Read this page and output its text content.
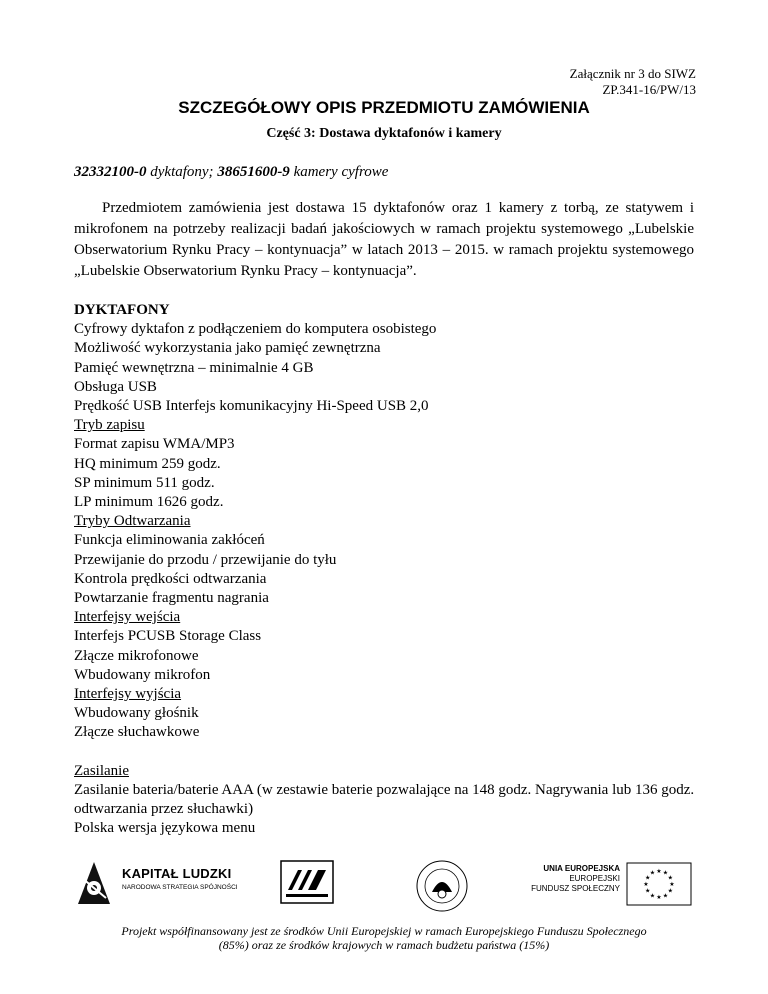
Załącznik nr 3 do SIWZ
ZP.341-16/PW/13
SZCZEGÓŁOWY OPIS PRZEDMIOTU ZAMÓWIENIA
Część 3: Dostawa dyktafonów i kamery
32332100-0 dyktafony; 38651600-9 kamery cyfrowe

Przedmiotem zamówienia jest dostawa 15 dyktafonów oraz 1 kamery z torbą, ze statywem i mikrofonem na potrzeby realizacji badań jakościowych w ramach projektu systemowego „Lubelskie Obserwatorium Rynku Pracy – kontynuacja” w latach 2013 – 2015. w ramach projektu systemowego „Lubelskie Obserwatorium Rynku Pracy – kontynuacja”.

DYKTAFONY
Cyfrowy dyktafon z podłączeniem do komputera osobistego
Możliwość wykorzystania jako pamięć zewnętrzna
Pamięć wewnętrzna – minimalnie 4 GB
Obsługa USB
Prędkość USB Interfejs komunikacyjny Hi-Speed USB 2,0
Tryb zapisu
Format zapisu WMA/MP3
HQ minimum 259 godz.
SP minimum 511 godz.
LP minimum 1626 godz.
Tryby Odtwarzania
Funkcja eliminowania zakłóceń
Przewijanie do przodu / przewijanie do tyłu
Kontrola prędkości odtwarzania
Powtarzanie fragmentu nagrania
Interfejsy wejścia
Interfejs PCUSB Storage Class
Złącze mikrofonowe
Wbudowany mikrofon
Interfejsy wyjścia
Wbudowany głośnik
Złącze słuchawkowe
Zasilanie
Zasilanie bateria/baterie AAA (w zestawie baterie pozwalające na 148 godz. Nagrywania lub 136 godz. odtwarzania przez słuchawki)
Polska wersja językowa menu
KAPITAŁ LUDZKI
NARODOWA STRATEGIA SPÓJNOŚCI
UNIA EUROPEJSKA
EUROPEJSKI
FUNDUSZ SPOŁECZNY	★
★
★
★
★
★
★
★
★ ★ ★
★
Projekt współfinansowany jest ze środków Unii Europejskiej w ramach Europejskiego Funduszu Społecznego
(85%) oraz ze środków krajowych w ramach budżetu państwa (15%)
